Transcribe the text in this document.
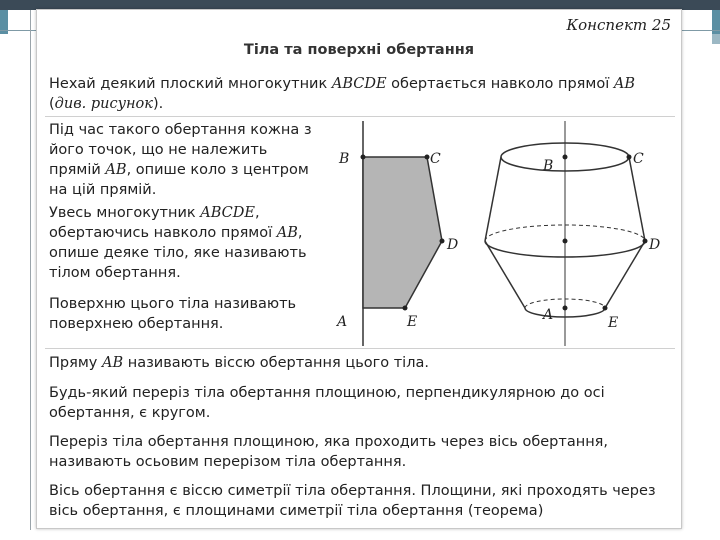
Конспект 25
Тіла та поверхні обертання
Нехай деякий плоский многокутник ABCDE обертається навколо прямої AB (див. рисунок).
Під час такого обертання кожна з його точок, що не належить прямій AB, опише коло з центром на цій прямій.
Увесь многокутник ABCDE, обертаючись навколо прямої AB, опише деяке тіло, яке називають тілом обертання.
Поверхню цього тіла називають поверхнею обертання.
B	C
D
E
A
B	C
D
A	E
Пряму AB називають віссю обертання цього тіла.
Будь-який переріз тіла обертання площиною, перпендикулярною до осі обертання, є кругом.
Переріз тіла обертання площиною, яка проходить через вісь обертання, називають осьовим перерізом тіла обертання.
Вісь обертання є віссю симетрії тіла обертання. Площини, які проходять через вісь обертання, є площинами симетрії тіла обертання (теорема)
